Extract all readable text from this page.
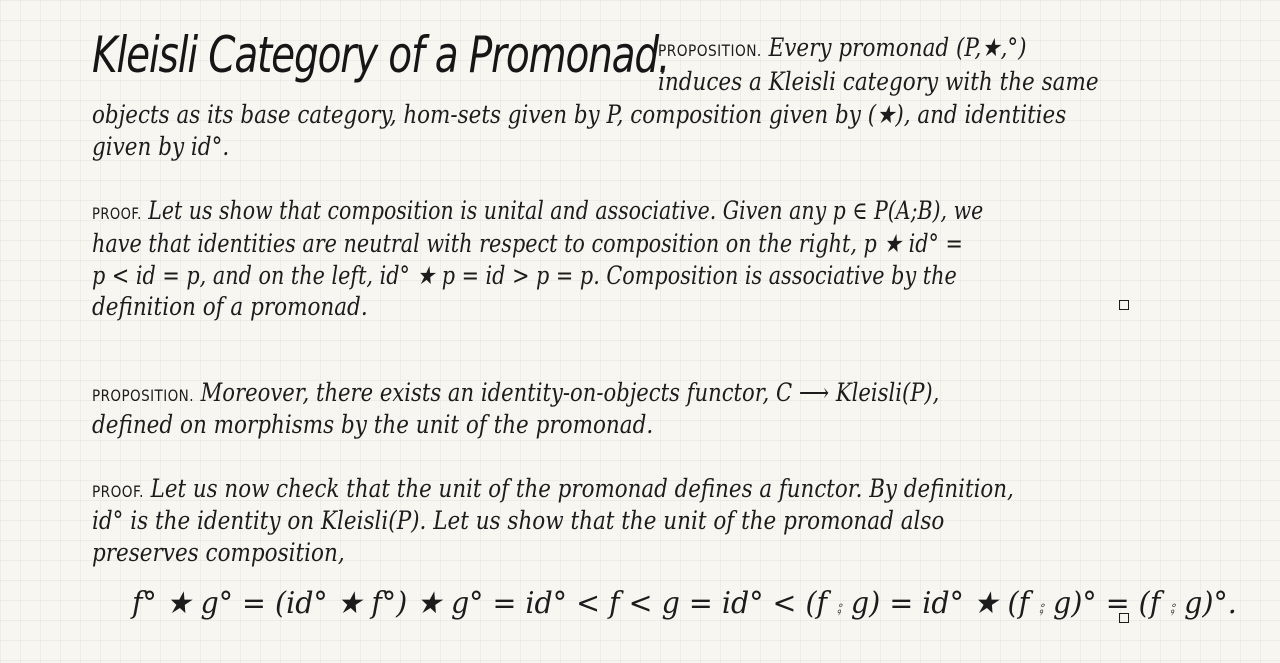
Kleisli Category of a Promonad.
PROPOSITION. Every promonad (P,★,°)
induces a Kleisli category with the same
objects as its base category, hom-sets given by P, composition given by (★), and identities
given by id°.
PROOF. Let us show that composition is unital and associative. Given any p ∈ P(A;B), we
have that identities are neutral with respect to composition on the right, p ★ id° =
p < id = p, and on the left, id° ★ p = id > p = p. Composition is associative by the
definition of a promonad.
PROPOSITION. Moreover, there exists an identity-on-objects functor, C ⟶ Kleisli(P),
defined on morphisms by the unit of the promonad.
PROOF. Let us now check that the unit of the promonad defines a functor. By definition,
id° is the identity on Kleisli(P). Let us show that the unit of the promonad also
preserves composition,
f° ★ g° = (id° ★ f°) ★ g° = id° < f < g = id° < (f ⨾ g) = id° ★ (f ⨾ g)° = (f ⨾ g)°.
